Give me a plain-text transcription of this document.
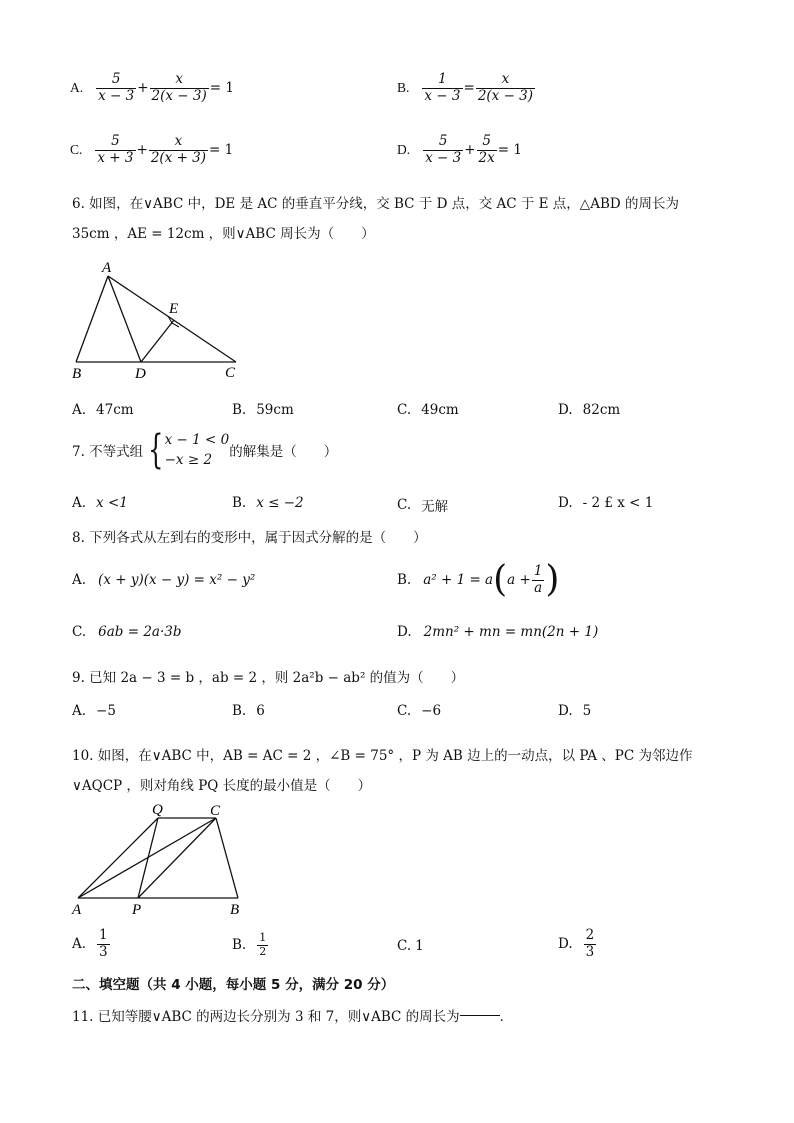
A. $\frac{5}{x - 3} + \frac{x}{2(x - 3)} = 1$	B. $\frac{1}{x - 3} = \frac{x}{2(x - 3)}$
C. $\frac{5}{x + 3} + \frac{x}{2(x + 3)} = 1$	D. $\frac{5}{x - 3} + \frac{5}{2x} = 1$
6. 如图，在∨ABC 中，DE 是 AC 的垂直平分线，交 BC 于 D 点，交 AC 于 E 点，△ABD 的周长为
35cm ，AE = 12cm ，则∨ABC 周长为（　　）
A
B	D	C
E
A. 47cm	B. 59cm	C. 49cm	D. 82cm
7. 不等式组 { x − 1 < 0
−x ≥ 2	的解集是（　　）
A. x <1	B. x ≤ −2	C. 无解	D. - 2 £ x < 1
8. 下列各式从左到右的变形中，属于因式分解的是（　　）
A. (x + y)(x − y) = x² − y²	B. a² + 1 = a ( $a + \frac{1}{a}$ )
C. 6ab = 2a·3b	D. 2mn² + mn = mn(2n + 1)
9. 已知 2a − 3 = b ，ab = 2 ，则 2a²b − ab² 的值为（　　）
A. −5	B. 6	C. −6	D. 5
10. 如图，在∨ABC 中，AB = AC = 2 ，∠B = 75° ，P 为 AB 边上的一动点，以 PA 、PC 为邻边作
∨AQCP ，则对角线 PQ 长度的最小值是（　　）
Q	C
A	P	B
A. $\frac{1}{3}$	B. $\frac{1}{2}$	C. 1	D. $\frac{2}{3}$
二、填空题（共 4 小题，每小题 5 分，满分 20 分）
11. 已知等腰∨ABC 的两边长分别为 3 和 7，则∨ABC 的周长为	．
